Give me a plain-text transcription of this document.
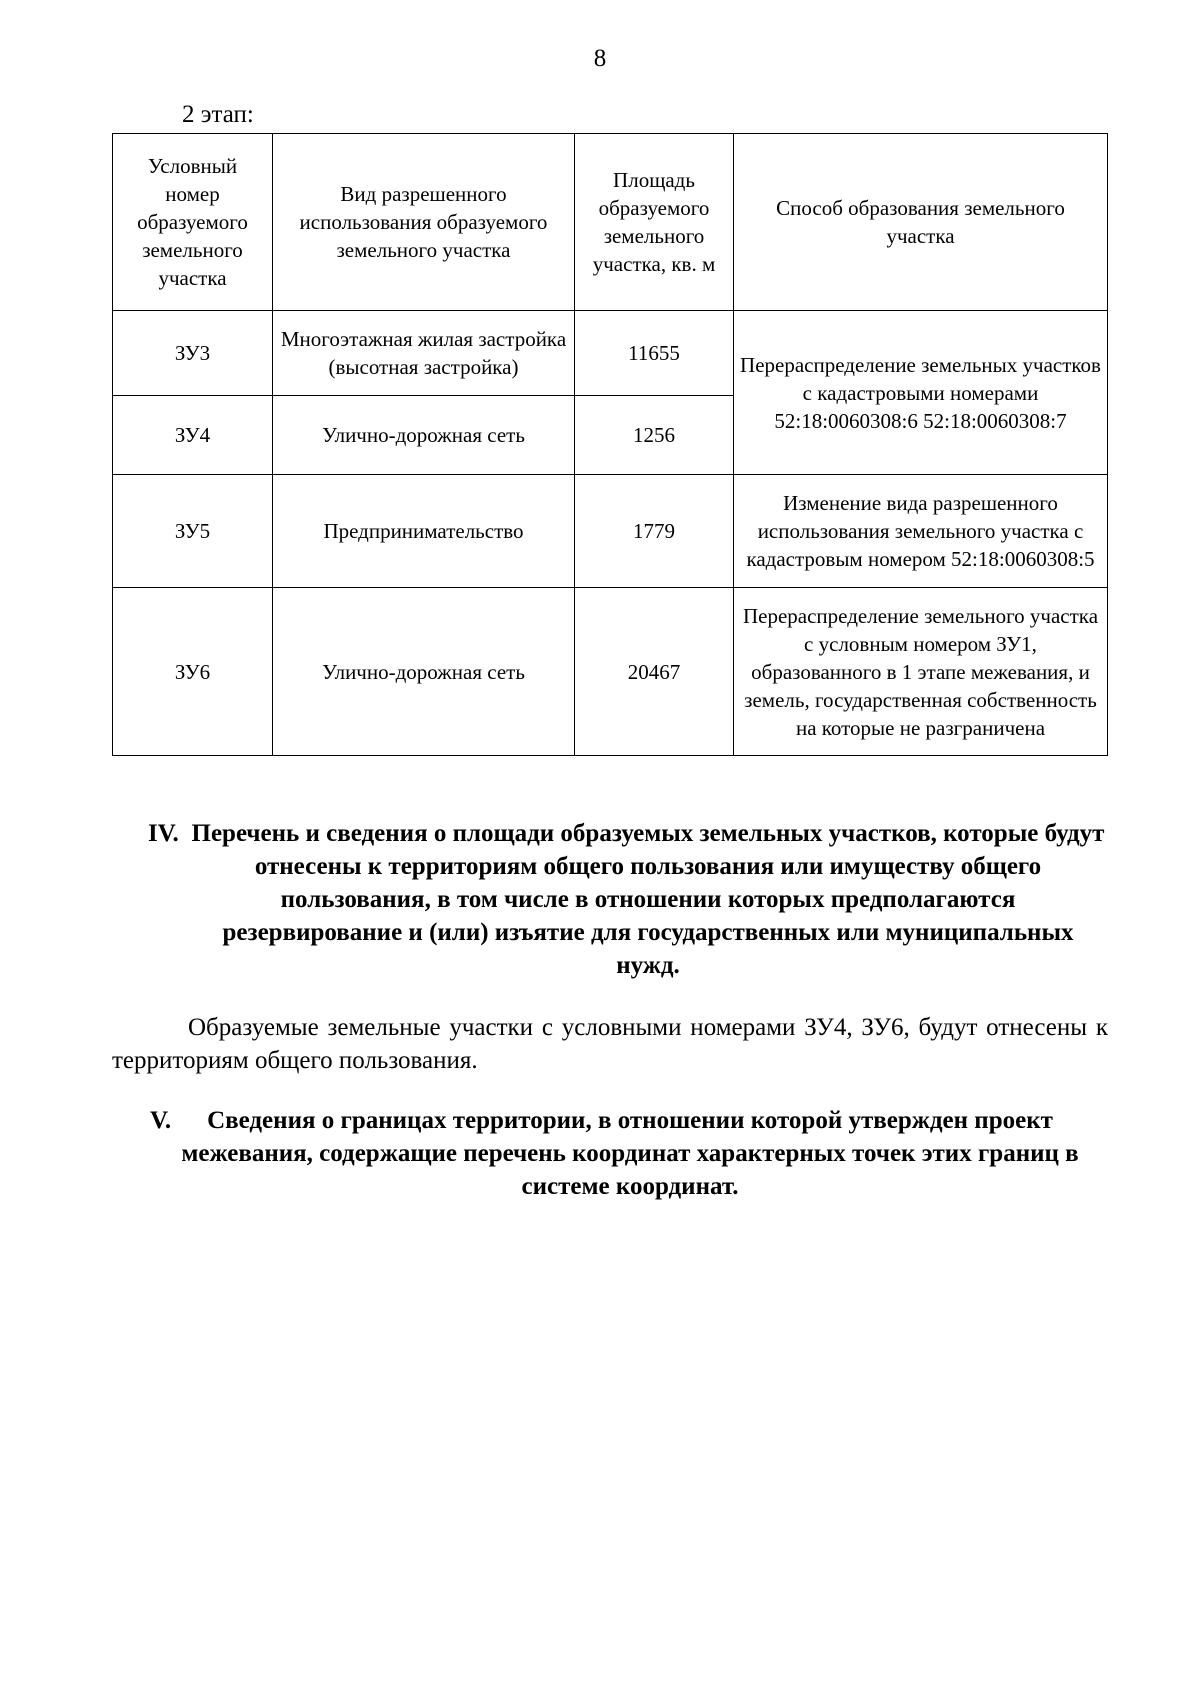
8
2 этап:
Условный номер образуемого земельного участка	Вид разрешенного использования образуемого земельного участка	Площадь образуемого земельного участка, кв. м	Способ образования земельного участка
ЗУ3	Многоэтажная жилая застройка (высотная застройка)	11655	Перераспределение земельных участков с кадастровыми номерами 52:18:0060308:6 52:18:0060308:7
ЗУ4	Улично-дорожная сеть	1256	
ЗУ5	Предпринимательство	1779	Изменение вида разрешенного использования земельного участка с кадастровым номером 52:18:0060308:5
ЗУ6	Улично-дорожная сеть	20467	Перераспределение земельного участка с условным номером ЗУ1, образованного в 1 этапе межевания, и земель, государственная собственность на которые не разграничена
IV. Перечень и сведения о площади образуемых земельных участков, которые будут отнесены к территориям общего пользования или имуществу общего пользования, в том числе в отношении которых предполагаются резервирование и (или) изъятие для государственных или муниципальных нужд.
Образуемые земельные участки с условными номерами ЗУ4, ЗУ6, будут отнесены к территориям общего пользования.
V.	Сведения о границах территории, в отношении которой утвержден проект межевания, содержащие перечень координат характерных точек этих границ в системе координат.
